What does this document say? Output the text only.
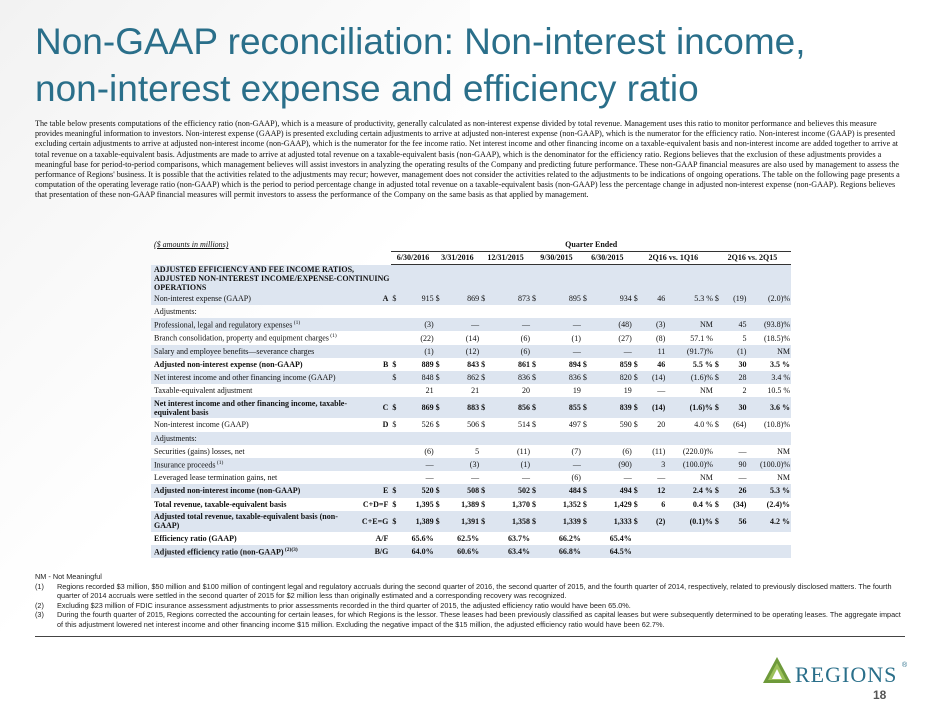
Non-GAAP reconciliation: Non-interest income,
non-interest expense and efficiency ratio
The table below presents computations of the efficiency ratio (non-GAAP), which is a measure of productivity, generally calculated as non-interest expense divided by total revenue. Management uses this ratio to monitor performance and believes this measure provides meaningful information to investors. Non-interest expense (GAAP) is presented excluding certain adjustments to arrive at adjusted non-interest expense (non-GAAP), which is the numerator for the efficiency ratio. Non-interest income (GAAP) is presented excluding certain adjustments to arrive at adjusted non-interest income (non-GAAP), which is the numerator for the fee income ratio. Net interest income and other financing income on a taxable-equivalent basis and non-interest income are added together to arrive at total revenue on a taxable-equivalent basis. Adjustments are made to arrive at adjusted total revenue on a taxable-equivalent basis (non-GAAP), which is the denominator for the efficiency ratio. Regions believes that the exclusion of these adjustments provides a meaningful base for period-to-period comparisons, which management believes will assist investors in analyzing the operating results of the Company and predicting future performance. These non-GAAP financial measures are also used by management to assess the performance of Regions' business. It is possible that the activities related to the adjustments may recur; however, management does not consider the activities related to the adjustments to be indications of ongoing operations. The table on the following page presents a computation of the operating leverage ratio (non-GAAP) which is the period to period percentage change in adjusted total revenue on a taxable-equivalent basis (non-GAAP) less the percentage change in adjusted non-interest expense (non-GAAP). Regions believes that presentation of these non-GAAP financial measures will permit investors to assess the performance of the Company on the same basis as that applied by management.
($ amounts in millions)		Quarter Ended															
		6/30/2016		3/31/2016		12/31/2015		9/30/2015		6/30/2015		2Q16 vs. 1Q16			2Q16 vs. 2Q15		
ADJUSTED EFFICIENCY AND FEE INCOME RATIOS, ADJUSTED NON-INTEREST INCOME/EXPENSE-CONTINUING OPERATIONS																	
Non-interest expense (GAAP)	A	$	915	$	869	$	873	$	895	$	934	$	46	5.3 %	$	(19)	(2.0)%
Adjustments:																	
Professional, legal and regulatory expenses $^{(1)}$			(3)		—		—		—		(48)		(3)	NM		45	(93.8)%
Branch consolidation, property and equipment charges $^{(1)}$			(22)		(14)		(6)		(1)		(27)		(8)	57.1 %		5	(18.5)%
Salary and employee benefits—severance charges			(1)		(12)		(6)		—		—		11	(91.7)%		(1)	NM
Adjusted non-interest expense (non-GAAP)	B	$	889	$	843	$	861	$	894	$	859	$	46	5.5 %	$	30	3.5 %
Net interest income and other financing income (GAAP)		$	848	$	862	$	836	$	836	$	820	$	(14)	(1.6)%	$	28	3.4 %
Taxable-equivalent adjustment			21		21		20		19		19		—	NM		2	10.5 %
Net interest income and other financing income, taxable-equivalent basis	C	$	869	$	883	$	856	$	855	$	839	$	(14)	(1.6)%	$	30	3.6 %
Non-interest income (GAAP)	D	$	526	$	506	$	514	$	497	$	590	$	20	4.0 %	$	(64)	(10.8)%
Adjustments:																	
Securities (gains) losses, net			(6)		5		(11)		(7)		(6)		(11)	(220.0)%		—	NM
Insurance proceeds $^{(1)}$			—		(3)		(1)		—		(90)		3	(100.0)%		90	(100.0)%
Leveraged lease termination gains, net			—		—		—		(6)		—		—	NM		—	NM
Adjusted non-interest income (non-GAAP)	E	$	520	$	508	$	502	$	484	$	494	$	12	2.4 %	$	26	5.3 %
Total revenue, taxable-equivalent basis	C+D=F	$	1,395	$	1,389	$	1,370	$	1,352	$	1,429	$	6	0.4 %	$	(34)	(2.4)%
Adjusted total revenue, taxable-equivalent basis (non-GAAP)	C+E=G	$	1,389	$	1,391	$	1,358	$	1,339	$	1,333	$	(2)	(0.1)%	$	56	4.2 %
Efficiency ratio (GAAP)	A/F		65.6%		62.5%		63.7%		66.2%		65.4%						
Adjusted efficiency ratio (non-GAAP) $^{(2)(3)}$	B/G		64.0%		60.6%		63.4%		66.8%		64.5%						
NM - Not Meaningful
(1) Regions recorded $3 million, $50 million and $100 million of contingent legal and regulatory accruals during the second quarter of 2016, the second quarter of 2015, and the fourth quarter of 2014, respectively, related to previously disclosed matters. The fourth quarter of 2014 accruals were settled in the second quarter of 2015 for $2 million less than originally estimated and a corresponding recovery was recognized.
(2) Excluding $23 million of FDIC insurance assessment adjustments to prior assessments recorded in the third quarter of 2015, the adjusted efficiency ratio would have been 65.0%.
(3) During the fourth quarter of 2015, Regions corrected the accounting for certain leases, for which Regions is the lessor. These leases had been previously classified as capital leases but were subsequently determined to be operating leases. The aggregate impact of this adjustment lowered net interest income and other financing income $15 million. Excluding the negative impact of the $15 million, the adjusted efficiency ratio would have been 62.7%.
REGIONS ®
18
